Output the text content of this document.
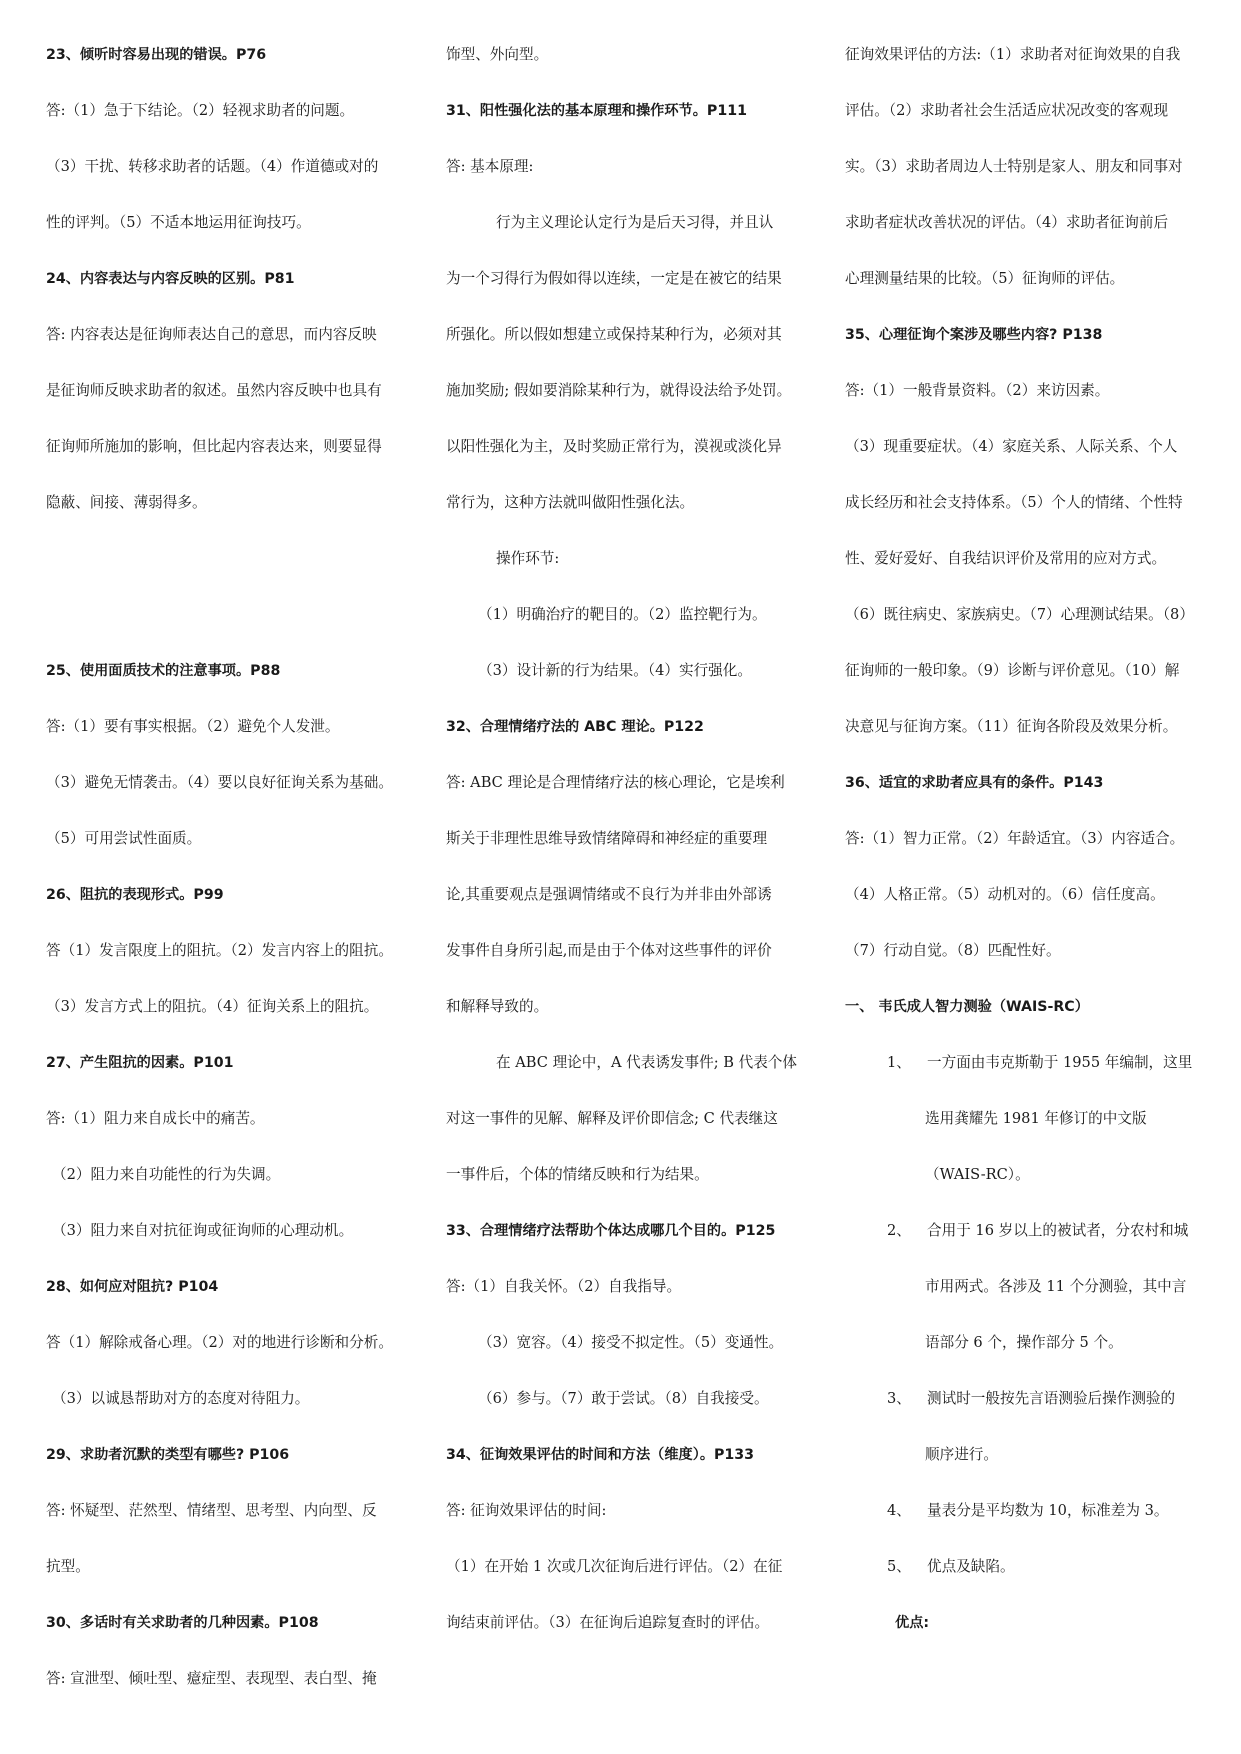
23、倾听时容易出现的错误。P76
答:（1）急于下结论。（2）轻视求助者的问题。
（3）干扰、转移求助者的话题。（4）作道德或对的
性的评判。（5）不适本地运用征询技巧。
24、内容表达与内容反映的区别。P81
答: 内容表达是征询师表达自己的意思，而内容反映
是征询师反映求助者的叙述。虽然内容反映中也具有
征询师所施加的影响，但比起内容表达来，则要显得
隐蔽、间接、薄弱得多。
25、使用面质技术的注意事项。P88
答:（1）要有事实根据。（2）避免个人发泄。
（3）避免无情袭击。（4）要以良好征询关系为基础。
（5）可用尝试性面质。
26、阻抗的表现形式。P99
答（1）发言限度上的阻抗。（2）发言内容上的阻抗。
（3）发言方式上的阻抗。（4）征询关系上的阻抗。
27、产生阻抗的因素。P101
答:（1）阻力来自成长中的痛苦。
（2）阻力来自功能性的行为失调。
（3）阻力来自对抗征询或征询师的心理动机。
28、如何应对阻抗? P104
答（1）解除戒备心理。（2）对的地进行诊断和分析。
（3）以诚恳帮助对方的态度对待阻力。
29、求助者沉默的类型有哪些? P106
答: 怀疑型、茫然型、情绪型、思考型、内向型、反
抗型。
30、多话时有关求助者的几种因素。P108
答: 宣泄型、倾吐型、癔症型、表现型、表白型、掩
饰型、外向型。
31、阳性强化法的基本原理和操作环节。P111
答: 基本原理:
行为主义理论认定行为是后天习得，并且认
为一个习得行为假如得以连续，一定是在被它的结果
所强化。所以假如想建立或保持某种行为，必须对其
施加奖励; 假如要消除某种行为，就得设法给予处罚。
以阳性强化为主，及时奖励正常行为，漠视或淡化异
常行为，这种方法就叫做阳性强化法。
操作环节:
（1）明确治疗的靶目的。（2）监控靶行为。
（3）设计新的行为结果。（4）实行强化。
32、合理情绪疗法的 ABC 理论。P122
答: ABC 理论是合理情绪疗法的核心理论，它是埃利
斯关于非理性思维导致情绪障碍和神经症的重要理
论,其重要观点是强调情绪或不良行为并非由外部诱
发事件自身所引起,而是由于个体对这些事件的评价
和解释导致的。
在 ABC 理论中，A 代表诱发事件; B 代表个体
对这一事件的见解、解释及评价即信念; C 代表继这
一事件后，个体的情绪反映和行为结果。
33、合理情绪疗法帮助个体达成哪几个目的。P125
答:（1）自我关怀。（2）自我指导。
（3）宽容。（4）接受不拟定性。（5）变通性。
（6）参与。（7）敢于尝试。（8）自我接受。
34、征询效果评估的时间和方法（维度）。P133
答: 征询效果评估的时间:
（1）在开始 1 次或几次征询后进行评估。（2）在征
询结束前评估。（3）在征询后追踪复查时的评估。
征询效果评估的方法:（1）求助者对征询效果的自我
评估。（2）求助者社会生活适应状况改变的客观现
实。（3）求助者周边人士特别是家人、朋友和同事对
求助者症状改善状况的评估。（4）求助者征询前后
心理测量结果的比较。（5）征询师的评估。
35、心理征询个案涉及哪些内容? P138
答:（1）一般背景资料。（2）来访因素。
（3）现重要症状。（4）家庭关系、人际关系、个人
成长经历和社会支持体系。（5）个人的情绪、个性特
性、爱好爱好、自我结识评价及常用的应对方式。
（6）既往病史、家族病史。（7）心理测试结果。（8）
征询师的一般印象。（9）诊断与评价意见。（10）解
决意见与征询方案。（11）征询各阶段及效果分析。
36、适宜的求助者应具有的条件。P143
答:（1）智力正常。（2）年龄适宜。（3）内容适合。
（4）人格正常。（5）动机对的。（6）信任度高。
（7）行动自觉。（8）匹配性好。
一、 韦氏成人智力测验（WAIS-RC）
1、 一方面由韦克斯勒于 1955 年编制，这里
选用龚耀先 1981 年修订的中文版
（WAIS-RC）。
2、 合用于 16 岁以上的被试者，分农村和城
市用两式。各涉及 11 个分测验，其中言
语部分 6 个，操作部分 5 个。
3、 测试时一般按先言语测验后操作测验的
顺序进行。
4、 量表分是平均数为 10，标准差为 3。
5、 优点及缺陷。
优点:
